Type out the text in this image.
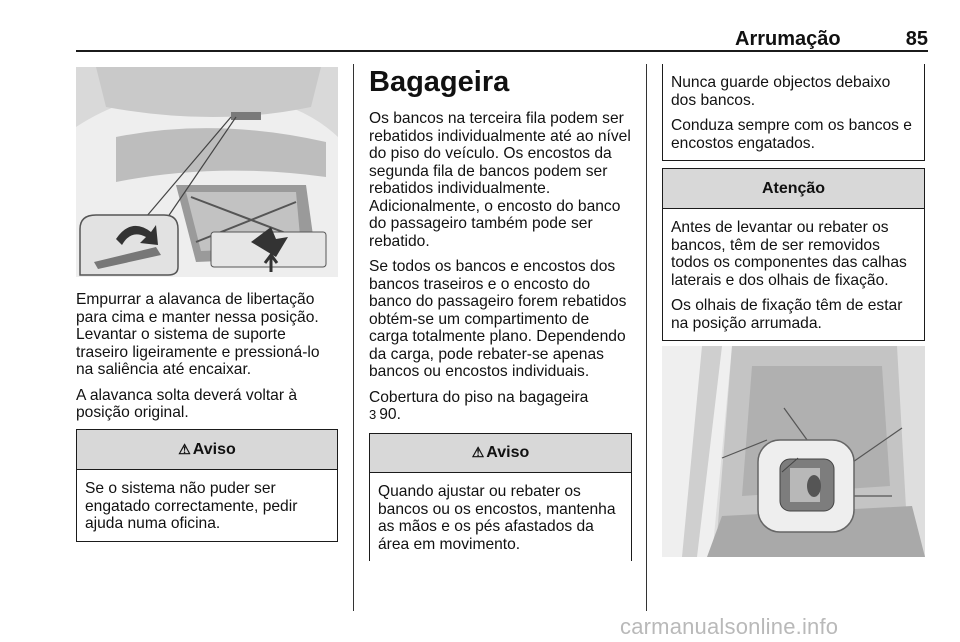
Arrumação	85

Empurrar a alavanca de libertação para cima e manter nessa posição. Levantar o sistema de suporte traseiro ligeiramente e pressioná-lo na saliência até encaixar.

A alavanca solta deverá voltar à posição original.

⚠ Aviso

Se o sistema não puder ser engatado correctamente, pedir ajuda numa oficina.

Bagageira

Os bancos na terceira fila podem ser rebatidos individualmente até ao nível do piso do veículo. Os encostos da segunda fila de bancos podem ser rebatidos individualmente.

Adicionalmente, o encosto do banco do passageiro também pode ser rebatido.

Se todos os bancos e encostos dos bancos traseiros e o encosto do banco do passageiro forem rebatidos obtém-se um compartimento de carga totalmente plano. Dependendo da carga, pode rebater-se apenas bancos ou encostos individuais.

Cobertura do piso na bagageira

3 90.

⚠ Aviso

Quando ajustar ou rebater os bancos ou os encostos, mantenha as mãos e os pés afastados da área em movimento.

Nunca guarde objectos debaixo dos bancos.

Conduza sempre com os bancos e encostos engatados.

Atenção

Antes de levantar ou rebater os bancos, têm de ser removidos todos os componentes das calhas laterais e dos olhais de fixação.

Os olhais de fixação têm de estar na posição arrumada.

carmanualsonline.info
